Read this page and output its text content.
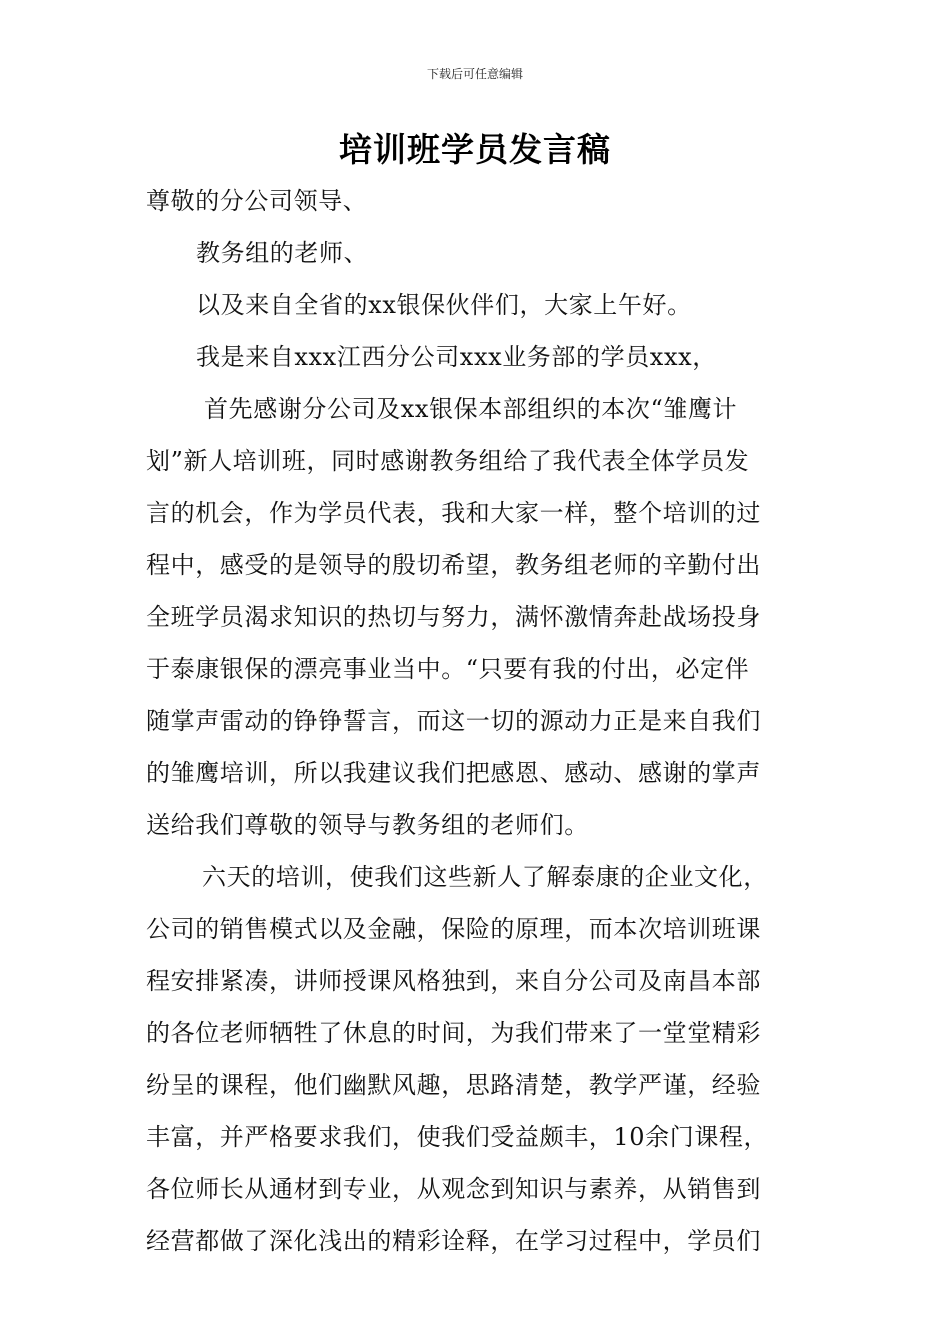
下载后可任意编辑
培训班学员发言稿
尊敬的分公司领导、
教务组的老师、
以及来自全省的xx银保伙伴们，大家上午好。
我是来自xxx江西分公司xxx业务部的学员xxx，
首先感谢分公司及xx银保本部组织的本次“雏鹰计
划”新人培训班，同时感谢教务组给了我代表全体学员发
言的机会，作为学员代表，我和大家一样，整个培训的过
程中，感受的是领导的殷切希望，教务组老师的辛勤付出
全班学员渴求知识的热切与努力，满怀激情奔赴战场投身
于泰康银保的漂亮事业当中。“只要有我的付出，必定伴
随掌声雷动的铮铮誓言，而这一切的源动力正是来自我们
的雏鹰培训，所以我建议我们把感恩、感动、感谢的掌声
送给我们尊敬的领导与教务组的老师们。
六天的培训，使我们这些新人了解泰康的企业文化，
公司的销售模式以及金融，保险的原理，而本次培训班课
程安排紧凑，讲师授课风格独到，来自分公司及南昌本部
的各位老师牺牲了休息的时间，为我们带来了一堂堂精彩
纷呈的课程，他们幽默风趣，思路清楚，教学严谨，经验
丰富，并严格要求我们，使我们受益颇丰，10余门课程，
各位师长从通材到专业，从观念到知识与素养，从销售到
经营都做了深化浅出的精彩诠释，在学习过程中，学员们
